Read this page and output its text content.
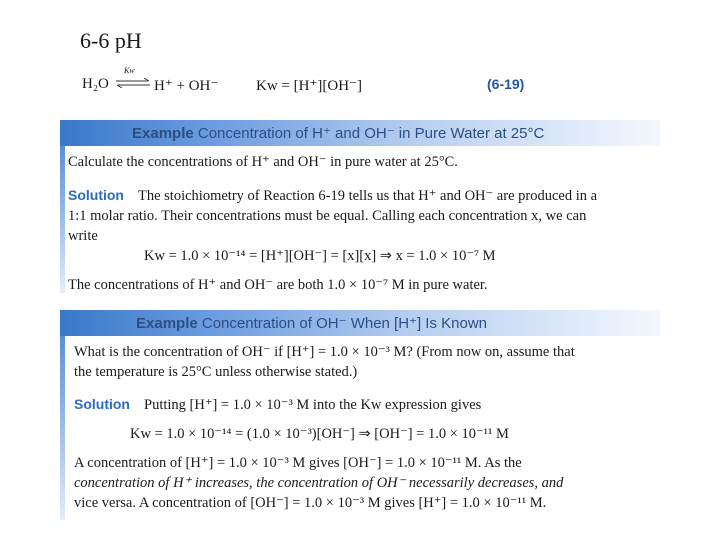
6-6 pH
H₂O
Kw
H⁺ + OH⁻	Kw = [H⁺][OH⁻]	(6-19)
Example Concentration of H⁺ and OH⁻ in Pure Water at 25°C
Calculate the concentrations of H⁺ and OH⁻ in pure water at 25°C.
Solution The stoichiometry of Reaction 6-19 tells us that H⁺ and OH⁻ are produced in a
1:1 molar ratio. Their concentrations must be equal. Calling each concentration x, we can
write
Kw = 1.0 × 10⁻¹⁴ = [H⁺][OH⁻] = [x][x] ⇒ x = 1.0 × 10⁻⁷ M
The concentrations of H⁺ and OH⁻ are both 1.0 × 10⁻⁷ M in pure water.
Example Concentration of OH⁻ When [H⁺] Is Known
What is the concentration of OH⁻ if [H⁺] = 1.0 × 10⁻³ M? (From now on, assume that
the temperature is 25°C unless otherwise stated.)
Solution Putting [H⁺] = 1.0 × 10⁻³ M into the Kw expression gives
Kw = 1.0 × 10⁻¹⁴ = (1.0 × 10⁻³)[OH⁻] ⇒ [OH⁻] = 1.0 × 10⁻¹¹ M
A concentration of [H⁺] = 1.0 × 10⁻³ M gives [OH⁻] = 1.0 × 10⁻¹¹ M. As the
concentration of H⁺ increases, the concentration of OH⁻ necessarily decreases, and
vice versa. A concentration of [OH⁻] = 1.0 × 10⁻³ M gives [H⁺] = 1.0 × 10⁻¹¹ M.
